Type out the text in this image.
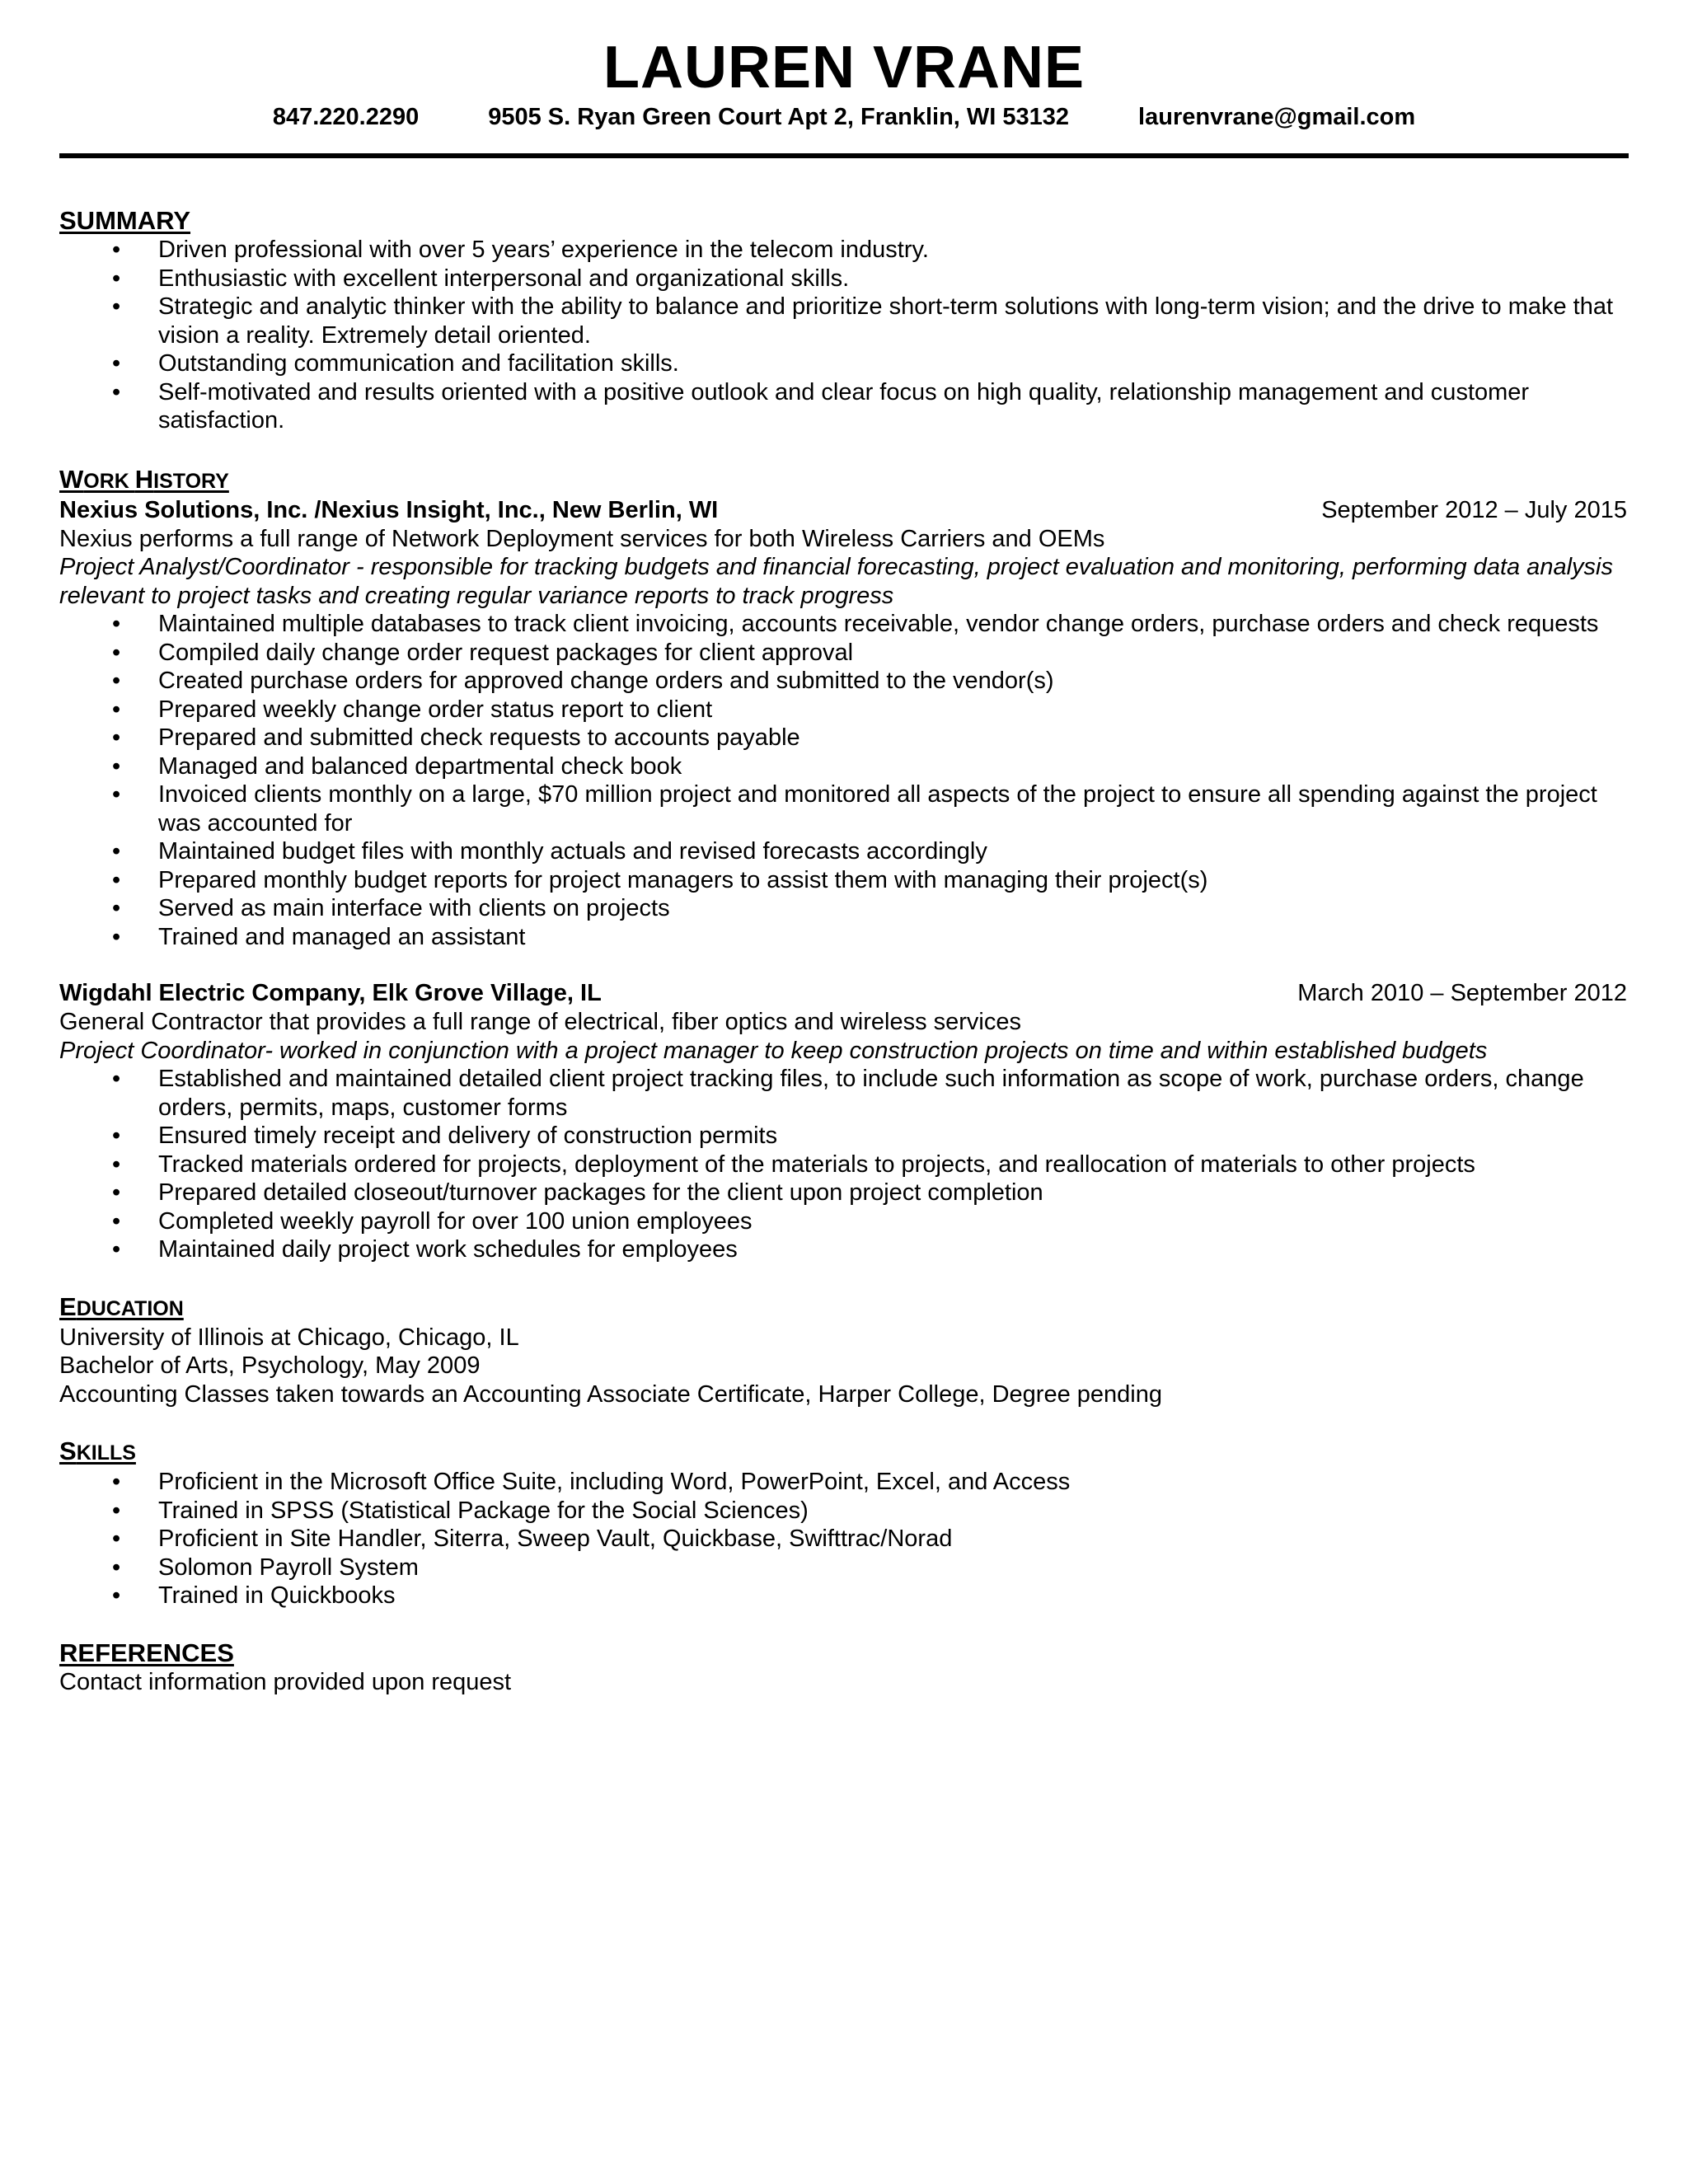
LAUREN VRANE
847.220.2290	9505 S. Ryan Green Court Apt 2, Franklin, WI 53132	laurenvrane@gmail.com
SUMMARY
• Driven professional with over 5 years’ experience in the telecom industry.
• Enthusiastic with excellent interpersonal and organizational skills.
• Strategic and analytic thinker with the ability to balance and prioritize short-term solutions with long-term vision; and the drive to make that vision a reality. Extremely detail oriented.
• Outstanding communication and facilitation skills.
• Self-motivated and results oriented with a positive outlook and clear focus on high quality, relationship management and customer satisfaction.
WORK HISTORY
Nexius Solutions, Inc. /Nexius Insight, Inc., New Berlin, WI	September 2012 – July 2015
Nexius performs a full range of Network Deployment services for both Wireless Carriers and OEMs
Project Analyst/Coordinator - responsible for tracking budgets and financial forecasting, project evaluation and monitoring, performing data analysis relevant to project tasks and creating regular variance reports to track progress
• Maintained multiple databases to track client invoicing, accounts receivable, vendor change orders, purchase orders and check requests
• Compiled daily change order request packages for client approval
• Created purchase orders for approved change orders and submitted to the vendor(s)
• Prepared weekly change order status report to client
• Prepared and submitted check requests to accounts payable
• Managed and balanced departmental check book
• Invoiced clients monthly on a large, $70 million project and monitored all aspects of the project to ensure all spending against the project was accounted for
• Maintained budget files with monthly actuals and revised forecasts accordingly
• Prepared monthly budget reports for project managers to assist them with managing their project(s)
• Served as main interface with clients on projects
• Trained and managed an assistant
Wigdahl Electric Company, Elk Grove Village, IL	March 2010 – September 2012
General Contractor that provides a full range of electrical, fiber optics and wireless services
Project Coordinator- worked in conjunction with a project manager to keep construction projects on time and within established budgets
• Established and maintained detailed client project tracking files, to include such information as scope of work, purchase orders, change orders, permits, maps, customer forms
• Ensured timely receipt and delivery of construction permits
• Tracked materials ordered for projects, deployment of the materials to projects, and reallocation of materials to other projects
• Prepared detailed closeout/turnover packages for the client upon project completion
• Completed weekly payroll for over 100 union employees
• Maintained daily project work schedules for employees
EDUCATION
University of Illinois at Chicago, Chicago, IL
Bachelor of Arts, Psychology, May 2009
Accounting Classes taken towards an Accounting Associate Certificate, Harper College, Degree pending
SKILLS
• Proficient in the Microsoft Office Suite, including Word, PowerPoint, Excel, and Access
• Trained in SPSS (Statistical Package for the Social Sciences)
• Proficient in Site Handler, Siterra, Sweep Vault, Quickbase, Swifttrac/Norad
• Solomon Payroll System
• Trained in Quickbooks
REFERENCES
Contact information provided upon request
